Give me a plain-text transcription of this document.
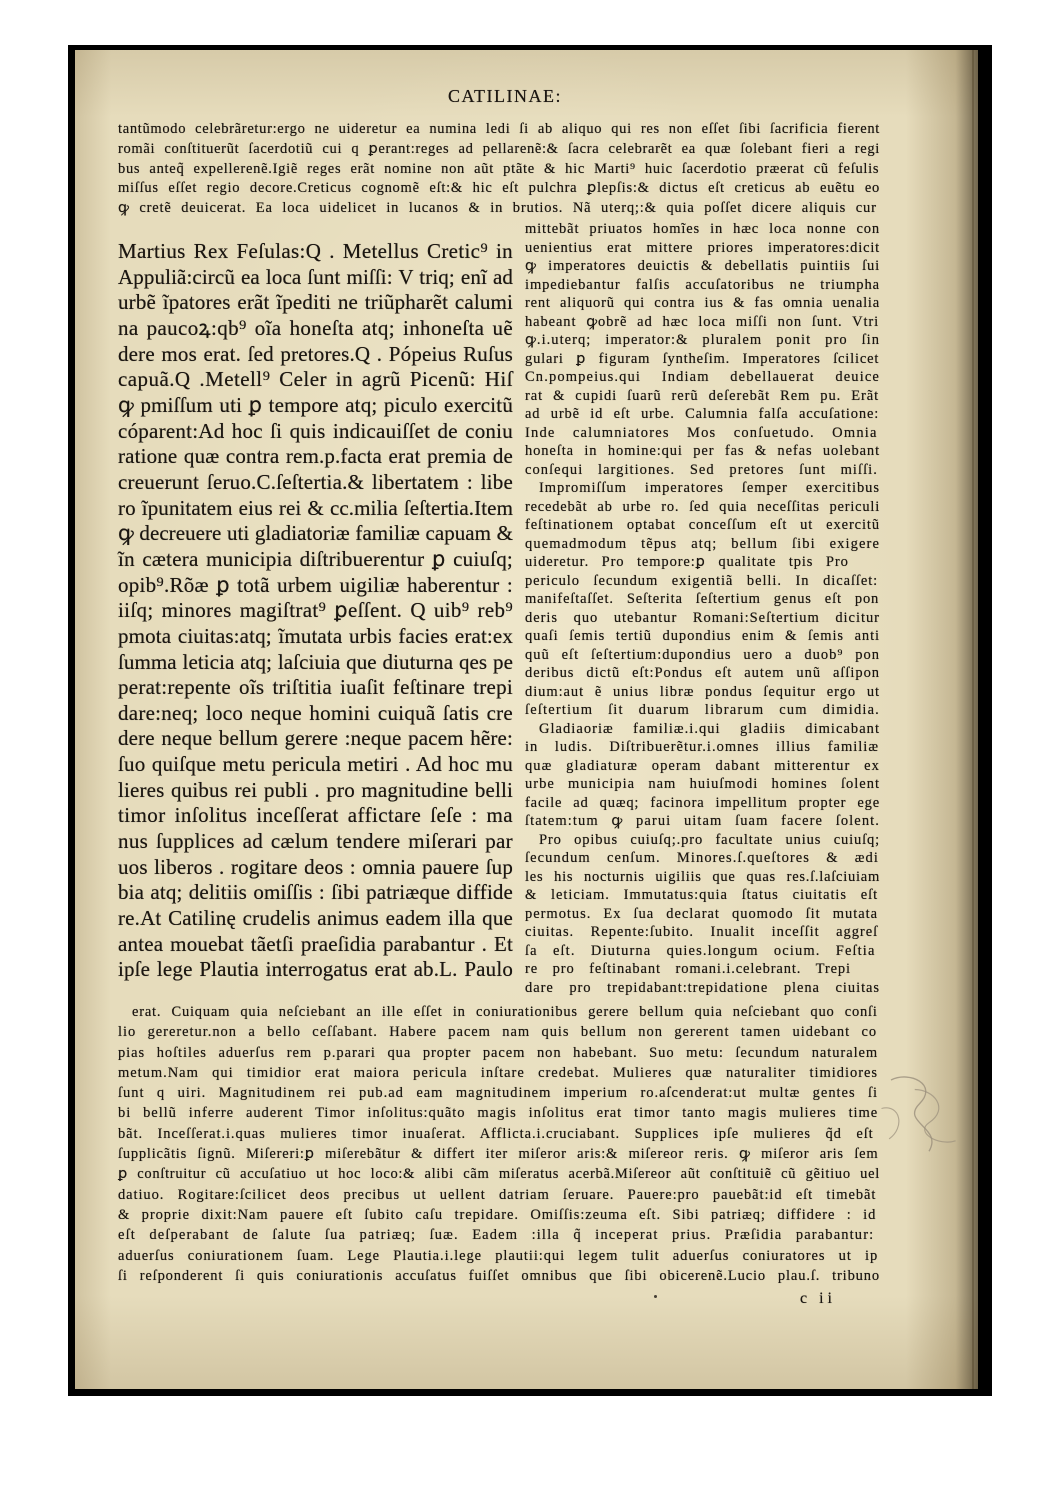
CATILINAE:
tantũmodo celebrãretur:ergo ne uideretur ea numina ledi ſi ab aliquo qui res non eſſet ſibi ſacrificia fierent
romãi conſtituerũt ſacerdotiũ cui q ꝑerant:reges ad pellarenẽ:& ſacra celebrarẽt ea quæ ſolebant fieri a regi
bus anteq̃ expellerenẽ.Igiẽ reges erãt nomine non aũt ptãte & hic Marti⁹ huic ſacerdotio præerat cũ feſulis
miſſus eſſet regio decore.Creticus cognomẽ eſt:& hic eſt pulchra ꝑlepſis:& dictus eſt creticus ab euẽtu eo
ꝙ cretẽ deuicerat. Ea loca uidelicet in lucanos & in brutios. Nã uterq;:& quia poſſet dicere aliquis cur
Martius Rex Feſulas:Q . Metellus Cretic⁹ in
Appuliã:circũ ea loca ſunt miſſi: V triq; enĩ ad
urbẽ ĩpatores erãt ĩpediti ne triũpharẽt calumi
na paucoꝝ:qb⁹ oĩa honeſta atq; inhoneſta uẽ
dere mos erat. ſed pretores.Q . Pópeius Ruſus
capuã.Q .Metell⁹ Celer in agrũ Picenũ: Hiſ
ꝙ pmiſſum uti ꝑ tempore atq; piculo exercitũ
cóparent:Ad hoc ſi quis indicauiſſet de coniu
ratione quæ contra rem.p.facta erat premia de
creuerunt ſeruo.C.ſeſtertia.& libertatem : libe
ro ĩpunitatem eius rei & cc.milia ſeſtertia.Item
ꝙ decreuere uti gladiatoriæ familiæ capuam &
ĩn cætera municipia diſtribuerentur ꝑ cuiuſq;
opib⁹.Rõæ ꝑ totã urbem uigiliæ haberentur :
iiſq; minores magiſtrat⁹ ꝑeſſent. Q uib⁹ reb⁹
pmota ciuitas:atq; ĩmutata urbis facies erat:ex
ſumma leticia atq; laſciuia que diuturna qes pe
perat:repente oĩs triſtitia iuaſit feſtinare trepi
dare:neq; loco neque homini cuiquã ſatis cre
dere neque bellum gerere :neque pacem hẽre:
ſuo quiſque metu pericula metiri . Ad hoc mu
lieres quibus rei publi . pro magnitudine belli
timor inſolitus inceſſerat affictare ſeſe : ma
nus ſupplices ad cælum tendere miſerari par
uos liberos . rogitare deos : omnia pauere ſup
bia atq; delitiis omiſſis : ſibi patriæque diffide
re.At Catilinę crudelis animus eadem illa que
antea mouebat tãetſi praeſidia parabantur . Et
ipſe lege Plautia interrogatus erat ab.L. Paulo
mittebãt priuatos homĩes in hæc loca nonne con
uenientius erat mittere priores imperatores:dicit
ꝙ imperatores deuictis & debellatis puintiis ſui
impediebantur falſis accuſatoribus ne triumpha
rent aliquorũ qui contra ius & fas omnia uenalia
habeant ꝙobrẽ ad hæc loca miſſi non ſunt. Vtri
ꝙ.i.uterq; imperator:& pluralem ponit pro ſin
gulari ꝑ figuram ſyntheſim. Imperatores ſcilicet
Cn.pompeius.qui Indiam debellauerat deuice
rat & cupidi ſuarũ rerũ deſerebãt Rem pu. Erãt
ad urbẽ id eſt urbe. Calumnia falſa accuſatione:
Inde calumniatores Mos conſuetudo. Omnia
honeſta in homine:qui per fas & nefas uolebant
conſequi largitiones. Sed pretores ſunt miſſi.
Impromiſſum imperatores ſemper exercitibus
recedebãt ab urbe ro. ſed quia neceſſitas periculi
feſtinationem optabat conceſſum eſt ut exercitũ
quemadmodum tẽpus atq; bellum ſibi exigere
uideretur. Pro tempore:ꝑ qualitate tpis Pro
periculo ſecundum exigentiã belli. In dicaſſet:
manifeſtaſſet. Seſterita ſeſtertium genus eſt pon
deris quo utebantur Romani:Seſtertium dicitur
quaſi ſemis tertiũ dupondius enim & ſemis anti
quũ eſt ſeſtertium:dupondius uero a duob⁹ pon
deribus dictũ eſt:Pondus eſt autem unũ aſſipon
dium:aut ẽ unius libræ pondus ſequitur ergo ut
ſeſtertium ſit duarum librarum cum dimidia.
Gladiaoriæ familiæ.i.qui gladiis dimicabant
in ludis. Diſtribuerẽtur.i.omnes illius familiæ
quæ gladiaturæ operam dabant mitterentur ex
urbe municipia nam huiuſmodi homines ſolent
facile ad quæq; facinora impellitum propter ege
ſtatem:tum ꝙ parui uitam ſuam facere ſolent.
Pro opibus cuiuſq;.pro facultate unius cuiuſq;
ſecundum cenſum. Minores.ſ.queſtores & ædi
les his nocturnis uigiliis que quas res.ſ.laſciuiam
& leticiam. Immutatus:quia ſtatus ciuitatis eſt
permotus. Ex ſua declarat quomodo ſit mutata
ciuitas. Repente:ſubito. Inualit inceſſit aggreſ
ſa eſt. Diuturna quies.longum ocium. Feſtia
re pro feſtinabant romani.i.celebrant. Trepi
dare pro trepidabant:trepidatione plena ciuitas
erat. Cuiquam quia neſciebant an ille eſſet in coniurationibus gerere bellum quia neſciebant quo conſi
lio gereretur.non a bello ceſſabant. Habere pacem nam quis bellum non gererent tamen uidebant co
pias hoſtiles aduerſus rem p.parari qua propter pacem non habebant. Suo metu: ſecundum naturalem
metum.Nam qui timidior erat maiora pericula inſtare credebat. Mulieres quæ naturaliter timidiores
ſunt q uiri. Magnitudinem rei pub.ad eam magnitudinem imperium ro.aſcenderat:ut multæ gentes ſi
bi bellũ inferre auderent Timor inſolitus:quãto magis inſolitus erat timor tanto magis mulieres time
bãt. Inceſſerat.i.quas mulieres timor inuaſerat. Afflicta.i.cruciabant. Supplices ipſe mulieres q̃d eſt
ſupplicãtis ſignũ. Miſereri:ꝑ miſerebãtur & differt iter miſeror aris:& miſereor reris. ꝙ miſeror aris ſem
ꝑ conſtruitur cũ accuſatiuo ut hoc loco:& alibi cãm miſeratus acerbã.Miſereor aũt conſtituiẽ cũ gẽitiuo uel
datiuo. Rogitare:ſcilicet deos precibus ut uellent datriam ſeruare. Pauere:pro pauebãt:id eſt timebãt
& proprie dixit:Nam pauere eſt ſubito caſu trepidare. Omiſſis:zeuma eſt. Sibi patriæq; diffidere : id
eſt deſperabant de ſalute ſua patriæq; ſuæ. Eadem :illa q̃ inceperat prius. Præſidia parabantur:
aduerſus coniurationem ſuam. Lege Plautia.i.lege plautii:qui legem tulit aduerſus coniuratores ut ip
ſi reſponderent ſi quis coniurationis accuſatus fuiſſet omnibus que ſibi obicerenẽ.Lucio plau.ſ. tribuno
c ii
